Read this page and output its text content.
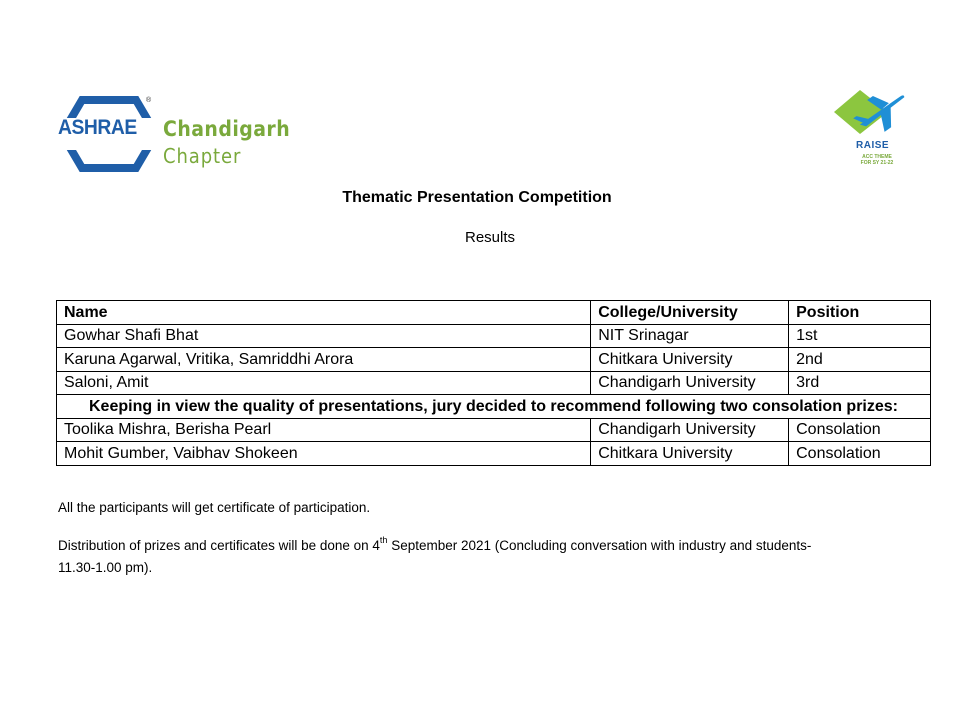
ASHRAE
®
Chandigarh
Chapter	RAISE
ACC THEME
FOR SY 21-22
Thematic Presentation Competition
Results
Name	College/University	Position
Gowhar Shafi Bhat	NIT Srinagar	1st
Karuna Agarwal, Vritika, Samriddhi Arora	Chitkara University	2nd
Saloni, Amit	Chandigarh University	3rd
Keeping in view the quality of presentations, jury decided to recommend following two consolation prizes:		
Toolika Mishra, Berisha Pearl	Chandigarh University	Consolation
Mohit Gumber, Vaibhav Shokeen	Chitkara University	Consolation
All the participants will get certificate of participation.
Distribution of prizes and certificates will be done on 4th September 2021 (Concluding conversation with industry and students-
11.30-1.00 pm).
